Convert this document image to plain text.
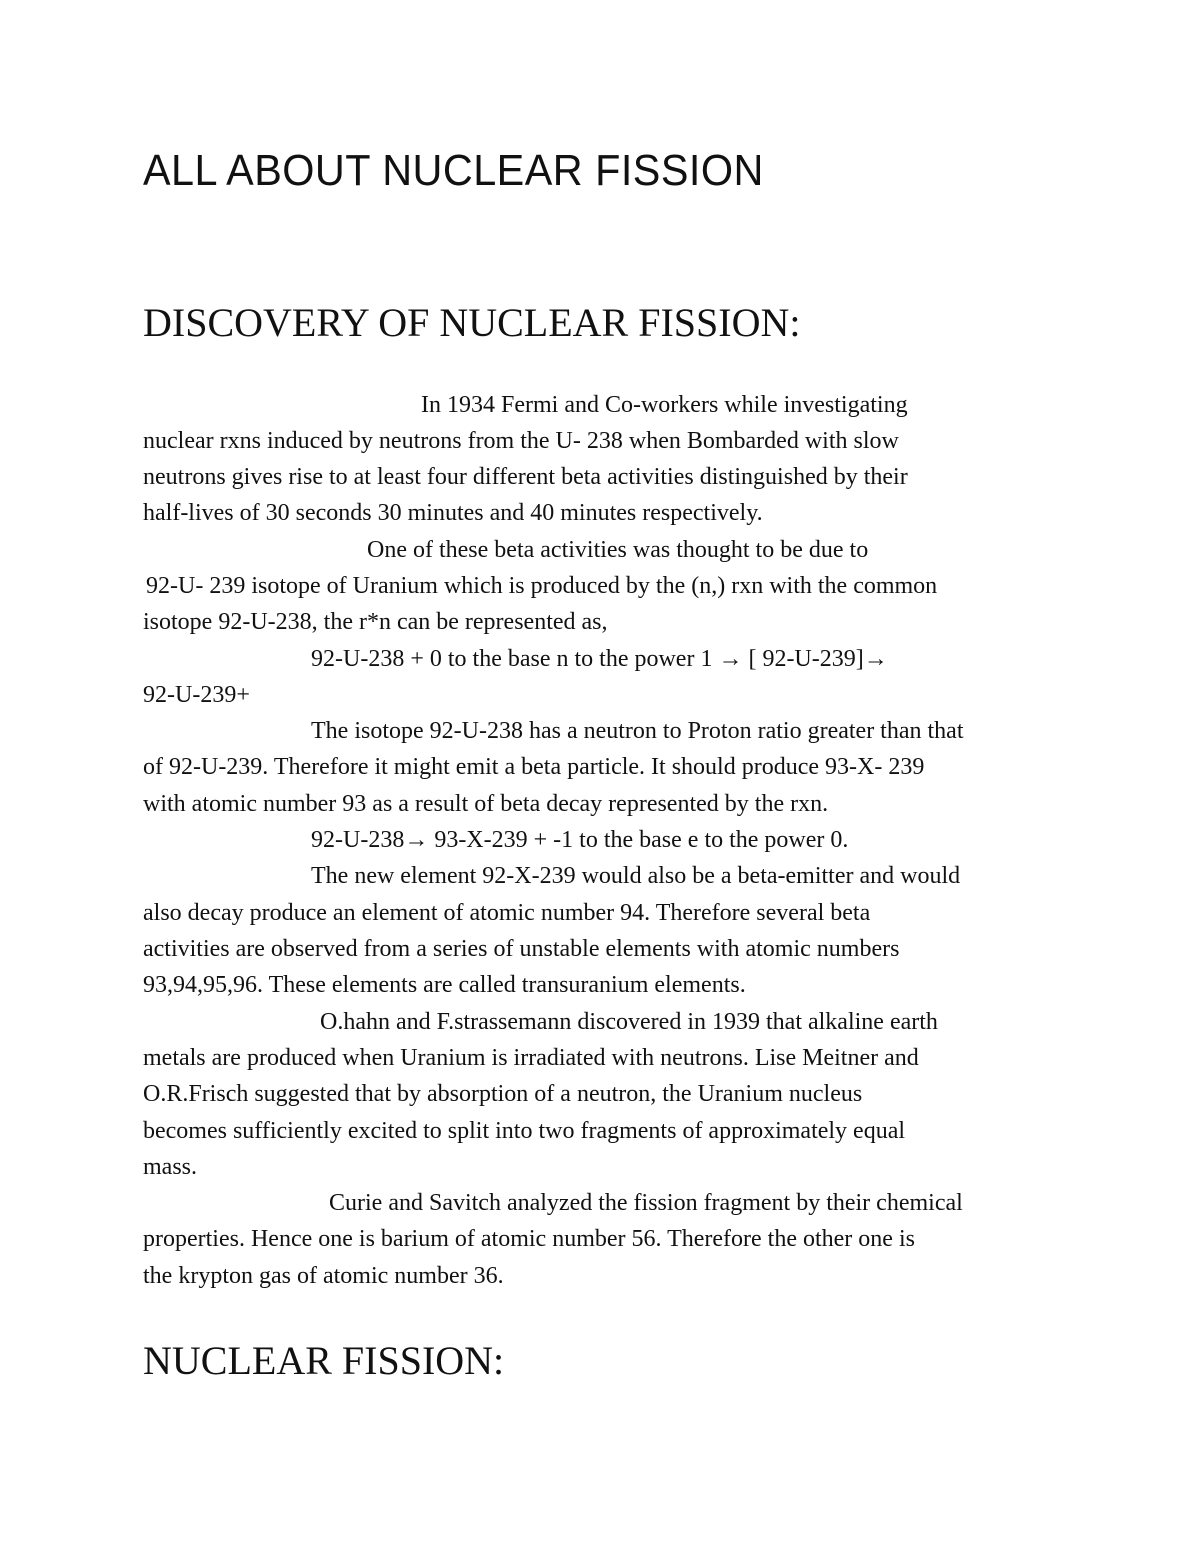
ALL ABOUT NUCLEAR FISSION
DISCOVERY OF NUCLEAR FISSION:

In 1934 Fermi and Co-workers while investigating

nuclear rxns induced by neutrons from the U- 238 when Bombarded with slow

neutrons gives rise to at least four different beta activities distinguished by their

half-lives of 30 seconds 30 minutes and 40 minutes respectively.

One of these beta activities was thought to be due to

92-U- 239 isotope of Uranium which is produced by the (n,) rxn with the common

isotope 92-U-238, the r*n can be represented as,

92-U-238 + 0 to the base n to the power 1 → [ 92-U-239]→

92-U-239+

The isotope 92-U-238 has a neutron to Proton ratio greater than that

of 92-U-239. Therefore it might emit a beta particle. It should produce 93-X- 239

with atomic number 93 as a result of beta decay represented by the rxn.

92-U-238→ 93-X-239 + -1 to the base e to the power 0.

The new element 92-X-239 would also be a beta-emitter and would

also decay produce an element of atomic number 94. Therefore several beta

activities are observed from a series of unstable elements with atomic numbers

93,94,95,96. These elements are called transuranium elements.

O.hahn and F.strassemann discovered in 1939 that alkaline earth

metals are produced when Uranium is irradiated with neutrons. Lise Meitner and

O.R.Frisch suggested that by absorption of a neutron, the Uranium nucleus

becomes sufficiently excited to split into two fragments of approximately equal

mass.

Curie and Savitch analyzed the fission fragment by their chemical

properties. Hence one is barium of atomic number 56. Therefore the other one is

the krypton gas of atomic number 36.

NUCLEAR FISSION:
